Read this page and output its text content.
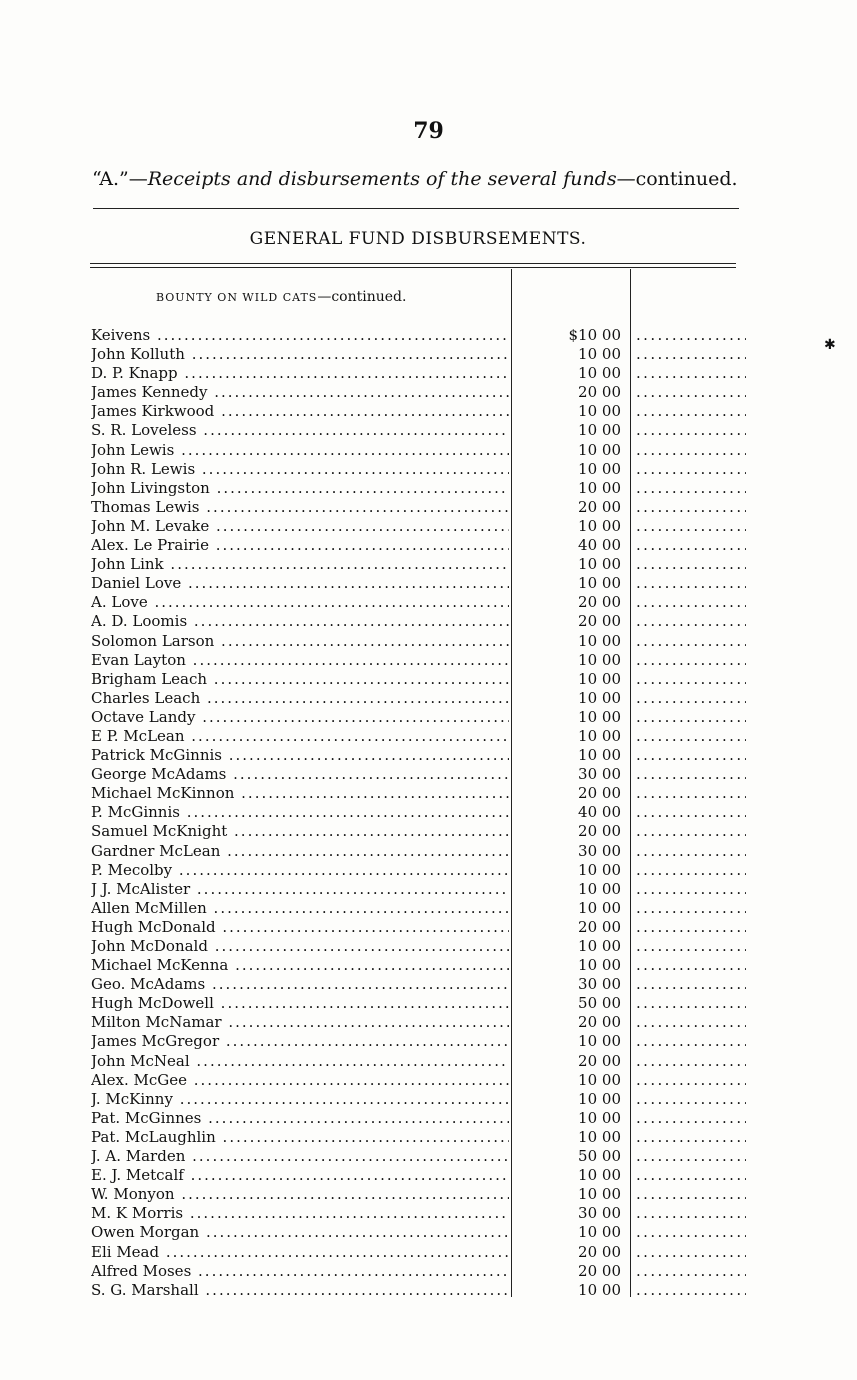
79
“A.”—Receipts and disbursements of the several funds—continued.
GENERAL FUND DISBURSEMENTS.
BOUNTY ON WILD CATS—continued.
Keivens .....	$10 00
.....
John Kolluth .....	10 00
.....
D. P. Knapp .....	10 00
.....
James Kennedy .....	20 00
.....
James Kirkwood .....	10 00
.....
S. R. Loveless .....	10 00
.....
John Lewis .....	10 00
.....
John R. Lewis .....	10 00
.....
John Livingston .....	10 00
.....
Thomas Lewis .....	20 00
.....
John M. Levake .....	10 00
.....
Alex. Le Prairie .....	40 00
.....
John Link .....	10 00
.....
Daniel Love .....	10 00
.....
A. Love .....	20 00
.....
A. D. Loomis .....	20 00
.....
Solomon Larson .....	10 00
.....
Evan Layton .....	10 00
.....
Brigham Leach .....	10 00
.....
Charles Leach .....	10 00
.....
Octave Landy .....	10 00
.....
E P. McLean .....	10 00
.....
Patrick McGinnis .....	10 00
.....
George McAdams .....	30 00
.....
Michael McKinnon .....	20 00
.....
P. McGinnis .....	40 00
.....
Samuel McKnight .....	20 00
.....
Gardner McLean .....	30 00
.....
P. Mecolby .....	10 00
.....
J J. McAlister .....	10 00
.....
Allen McMillen .....	10 00
.....
Hugh McDonald .....	20 00
.....
John McDonald .....	10 00
.....
Michael McKenna .....	10 00
.....
Geo. McAdams .....	30 00
.....
Hugh McDowell .....	50 00
.....
Milton McNamar .....	20 00
.....
James McGregor .....	10 00
.....
John McNeal .....	20 00
.....
Alex. McGee .....	10 00
.....
J. McKinny .....	10 00
.....
Pat. McGinnes .....	10 00
.....
Pat. McLaughlin .....	10 00
.....
J. A. Marden .....	50 00
.....
E. J. Metcalf .....	10 00
.....
W. Monyon .....	10 00
.....
M. K Morris .....	30 00
.....
Owen Morgan .....	10 00
.....
Eli Mead .....	20 00
.....
Alfred Moses .....	20 00
.....
S. G. Marshall .....	10 00
.....
✱
